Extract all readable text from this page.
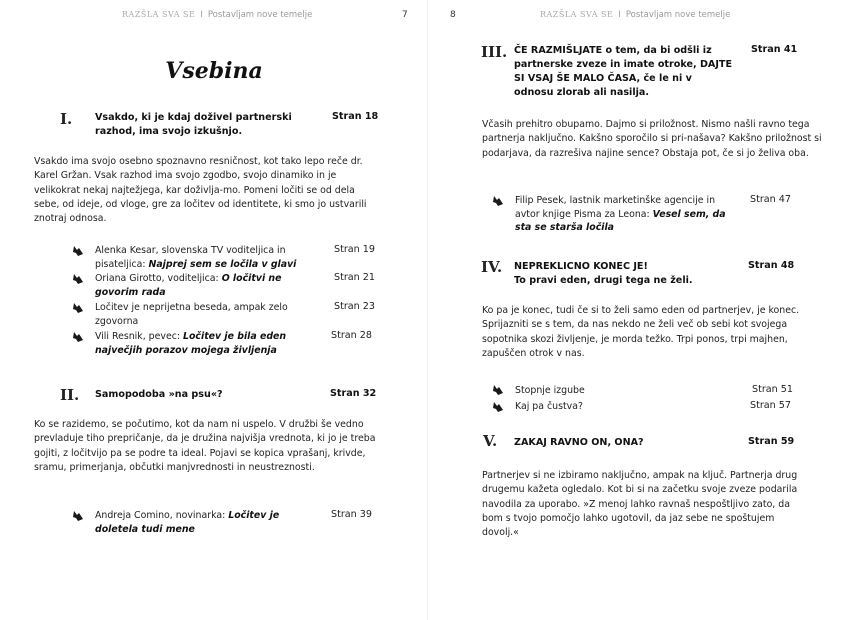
RAZŠLA SVA SE I Postavljam nove temelje	7
Vsebina
I. Vsakdo, ki je kdaj doživel partnerski razhod, ima svojo izkušnjo.
Stran 18
Vsakdo ima svojo osebno spoznavno resničnost, kot tako lepo reče dr. Karel Gržan. Vsak razhod ima svojo zgodbo, svojo dinamiko in je velikokrat nekaj najtežjega, kar doživlja-mo. Pomeni ločiti se od dela sebe, od ideje, od vloge, gre za ločitev od identitete, ki smo jo ustvarili znotraj odnosa.
Alenka Kesar, slovenska TV voditeljica in pisateljica: Najprej sem se ločila v glavi
Stran 19
Oriana Girotto, voditeljica: O ločitvi ne govorim rada
Stran 21
Ločitev je neprijetna beseda, ampak zelo zgovorna
Stran 23
Vili Resnik, pevec: Ločitev je bila eden največjih porazov mojega življenja
Stran 28
II. Samopodoba »na psu«?	Stran 32
Ko se razidemo, se počutimo, kot da nam ni uspelo. V družbi še vedno prevladuje tiho prepričanje, da je družina najvišja vrednota, ki jo je treba gojiti, z ločitvijo pa se podre ta ideal. Pojavi se kopica vprašanj, krivde, sramu, primerjanja, občutki manjvrednosti in neustreznosti.
Andreja Comino, novinarka: Ločitev je doletela tudi mene
Stran 39
8	RAZŠLA SVA SE I Postavljam nove temelje
III. ČE RAZMIŠLJATE o tem, da bi odšli iz partnerske zveze in imate otroke, DAJTE SI VSAJ ŠE MALO ČASA, če le ni v odnosu zlorab ali nasilja.
Stran 41
Včasih prehitro obupamo. Dajmo si priložnost. Nismo našli ravno tega partnerja naključno. Kakšno sporočilo si pri-našava? Kakšno priložnost si podarjava, da razrešiva najine sence? Obstaja pot, če si jo želiva oba.
Filip Pesek, lastnik marketinške agencije in avtor knjige Pisma za Leona: Vesel sem, da sta se starša ločila
Stran 47
IV. NEPREKLICNO KONEC JE!
To pravi eden, drugi tega ne želi.
Stran 48
Ko pa je konec, tudi če si to želi samo eden od partnerjev, je konec. Sprijazniti se s tem, da nas nekdo ne želi več ob sebi kot svojega sopotnika skozi življenje, je morda težko. Trpi ponos, trpi majhen, zapuščen otrok v nas.
Stopnje izgube	Stran 51
Kaj pa čustva?	Stran 57
V. ZAKAJ RAVNO ON, ONA?	Stran 59
Partnerjev si ne izbiramo naključno, ampak na ključ. Partnerja drug drugemu kažeta ogledalo. Kot bi si na začetku svoje zveze podarila navodila za uporabo. »Z menoj lahko ravnaš nespoštljivo zato, da bom s tvojo pomočjo lahko ugotovil, da jaz sebe ne spoštujem dovolj.«
